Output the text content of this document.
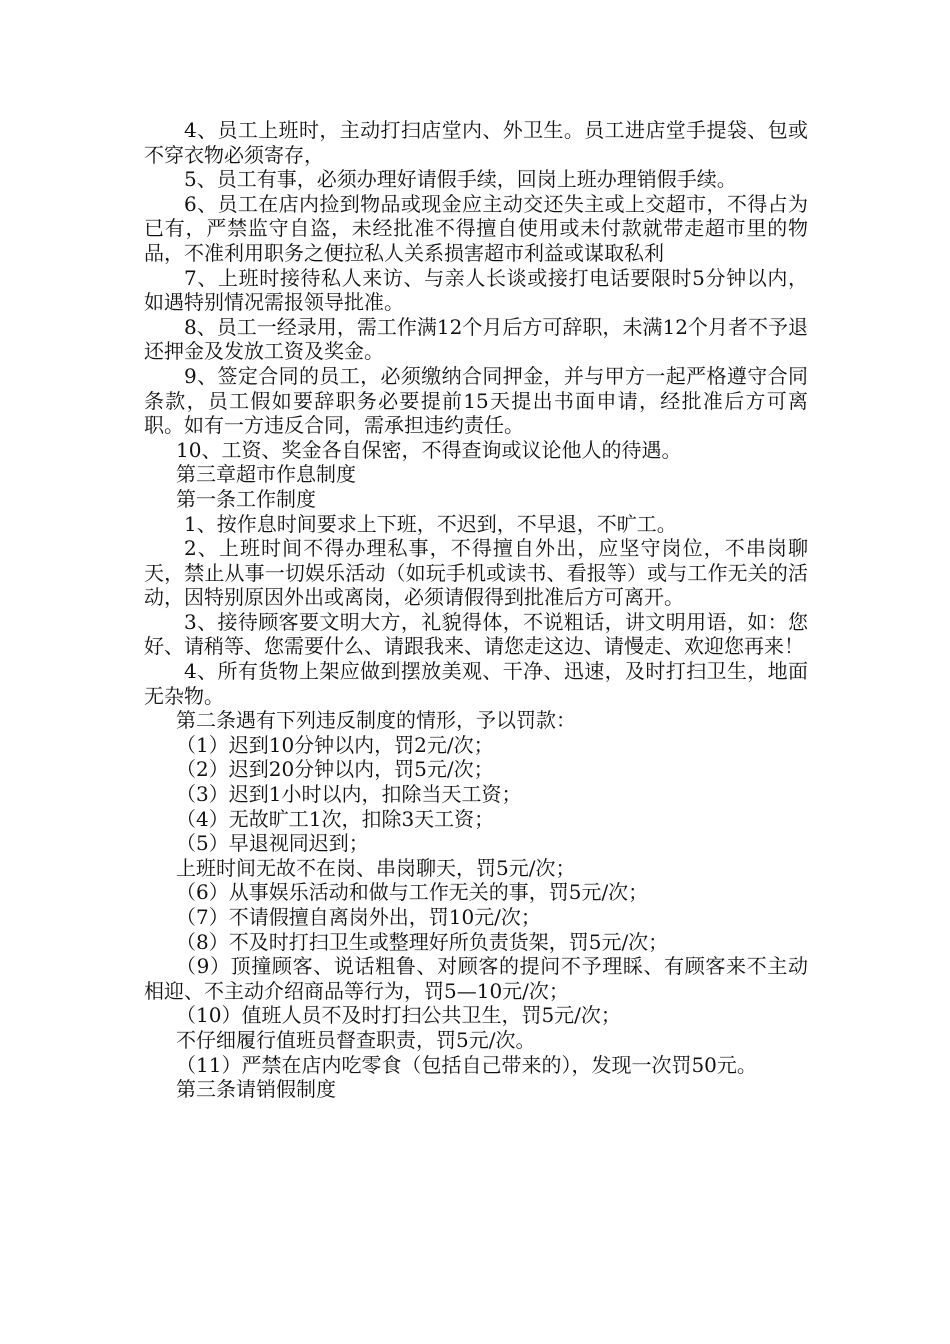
4、员工上班时，主动打扫店堂内、外卫生。员工进店堂手提袋、包或不穿衣物必须寄存，

5、员工有事，必须办理好请假手续，回岗上班办理销假手续。

6、员工在店内捡到物品或现金应主动交还失主或上交超市，不得占为已有，严禁监守自盗，未经批准不得擅自使用或未付款就带走超市里的物品，不准利用职务之便拉私人关系损害超市利益或谋取私利

7、上班时接待私人来访、与亲人长谈或接打电话要限时5分钟以内，如遇特别情况需报领导批准。

8、员工一经录用，需工作满12个月后方可辞职，未满12个月者不予退还押金及发放工资及奖金。

9、签定合同的员工，必须缴纳合同押金，并与甲方一起严格遵守合同条款，员工假如要辞职务必要提前15天提出书面申请，经批准后方可离职。如有一方违反合同，需承担违约责任。

10、工资、奖金各自保密，不得查询或议论他人的待遇。

第三章超市作息制度

第一条工作制度

1、按作息时间要求上下班，不迟到，不早退，不旷工。

2、上班时间不得办理私事，不得擅自外出，应坚守岗位，不串岗聊天，禁止从事一切娱乐活动（如玩手机或读书、看报等）或与工作无关的活动，因特别原因外出或离岗，必须请假得到批准后方可离开。

3、接待顾客要文明大方，礼貌得体，不说粗话，讲文明用语，如：您好、请稍等、您需要什么、请跟我来、请您走这边、请慢走、欢迎您再来！

4、所有货物上架应做到摆放美观、干净、迅速，及时打扫卫生，地面无杂物。

第二条遇有下列违反制度的情形，予以罚款：

（1）迟到10分钟以内，罚2元/次；

（2）迟到20分钟以内，罚5元/次；

（3）迟到1小时以内，扣除当天工资；

（4）无故旷工1次，扣除3天工资；

（5）早退视同迟到；

上班时间无故不在岗、串岗聊天，罚5元/次；

（6）从事娱乐活动和做与工作无关的事，罚5元/次；

（7）不请假擅自离岗外出，罚10元/次；

（8）不及时打扫卫生或整理好所负责货架，罚5元/次；

（9）顶撞顾客、说话粗鲁、对顾客的提问不予理睬、有顾客来不主动相迎、不主动介绍商品等行为，罚5—10元/次；

（10）值班人员不及时打扫公共卫生，罚5元/次；

不仔细履行值班员督查职责，罚5元/次。

（11）严禁在店内吃零食（包括自己带来的），发现一次罚50元。

第三条请销假制度
